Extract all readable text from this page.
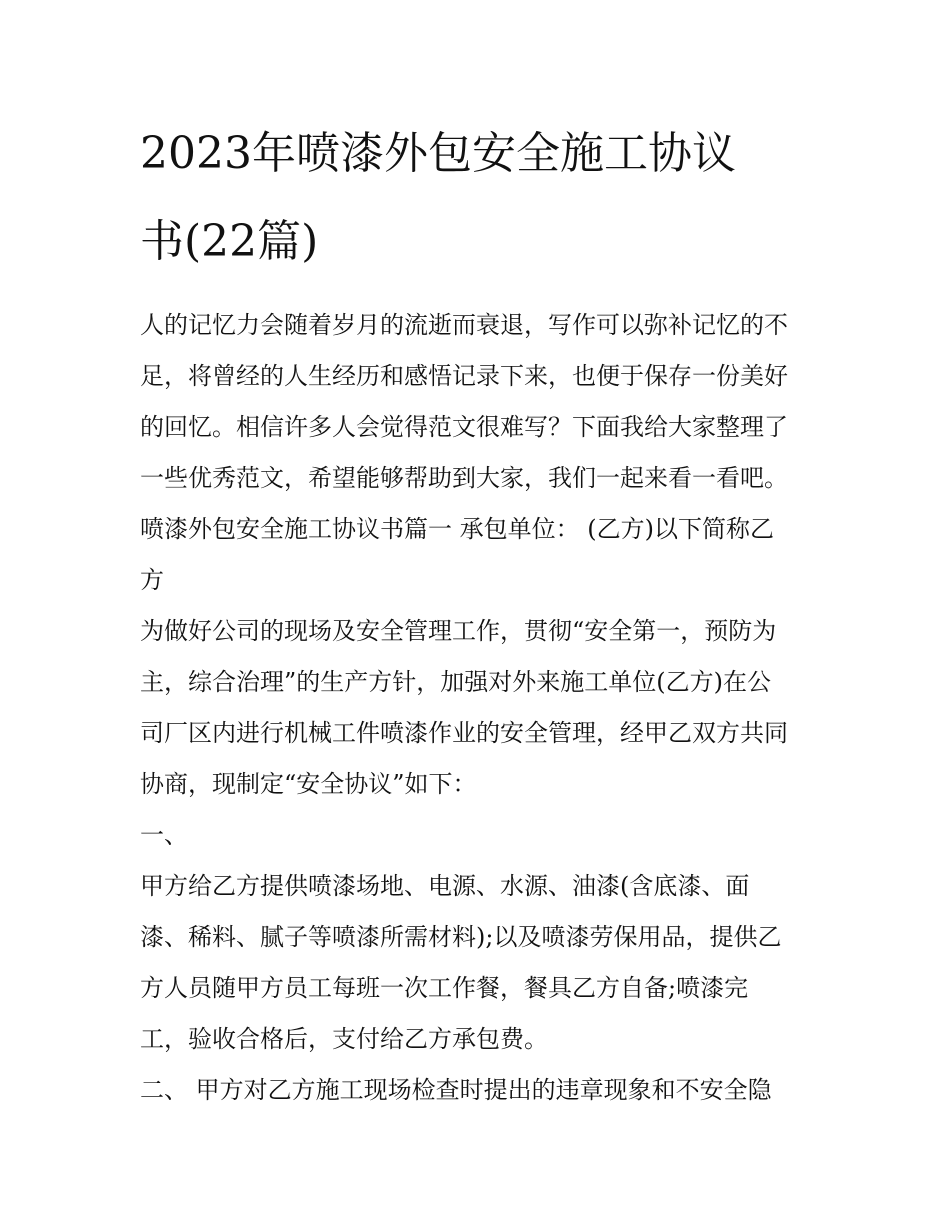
2023年喷漆外包安全施工协议
书(22篇)
人的记忆力会随着岁月的流逝而衰退，写作可以弥补记忆的不
足，将曾经的人生经历和感悟记录下来，也便于保存一份美好
的回忆。相信许多人会觉得范文很难写？下面我给大家整理了
一些优秀范文，希望能够帮助到大家，我们一起来看一看吧。
喷漆外包安全施工协议书篇一 承包单位： (乙方)以下简称乙
方
为做好公司的现场及安全管理工作，贯彻“安全第一，预防为
主，综合治理”的生产方针，加强对外来施工单位(乙方)在公
司厂区内进行机械工件喷漆作业的安全管理，经甲乙双方共同
协商，现制定“安全协议”如下：
一、
甲方给乙方提供喷漆场地、电源、水源、油漆(含底漆、面
漆、稀料、腻子等喷漆所需材料);以及喷漆劳保用品，提供乙
方人员随甲方员工每班一次工作餐，餐具乙方自备;喷漆完
工，验收合格后，支付给乙方承包费。
二、 甲方对乙方施工现场检查时提出的违章现象和不安全隐
